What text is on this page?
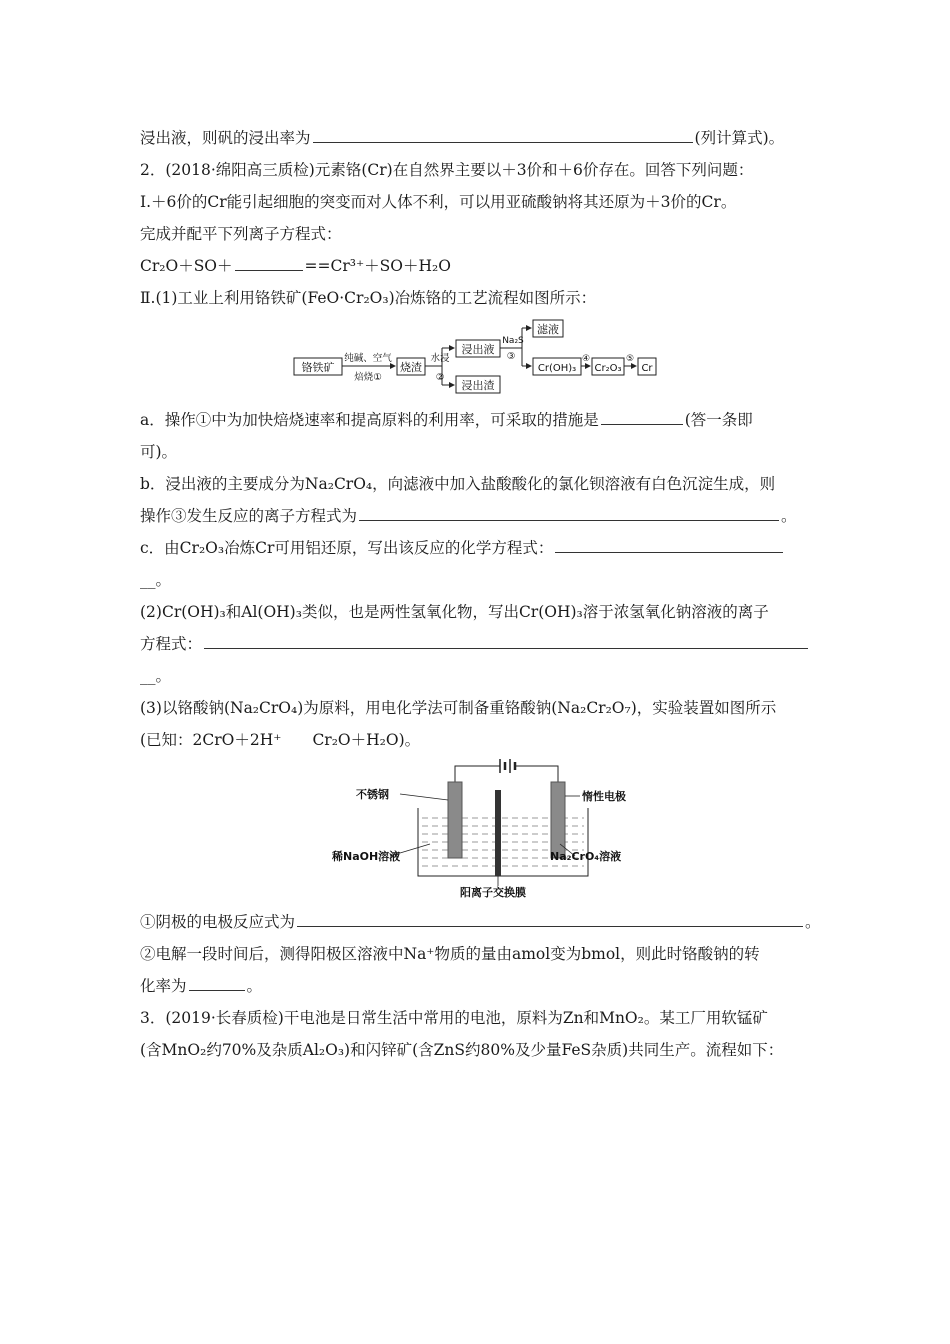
浸出液，则矾的浸出率为	(列计算式)。
2．(2018·绵阳高三质检)元素铬(Cr)在自然界主要以＋3价和＋6价存在。回答下列问题：
Ⅰ.＋6价的Cr能引起细胞的突变而对人体不利，可以用亚硫酸钠将其还原为＋3价的Cr。
完成并配平下列离子方程式：
Cr₂O＋SO＋	==Cr³⁺＋SO＋H₂O
Ⅱ.(1)工业上利用铬铁矿(FeO·Cr₂O₃)冶炼铬的工艺流程如图所示：
铬铁矿
纯碱、空气
焙烧①
烧渣
水浸
②
浸出液
浸出渣
Na₂S
③
滤液
Cr(OH)₃
④
Cr₂O₃
⑤
Cr
a．操作①中为加快焙烧速率和提高原料的利用率，可采取的措施是	(答一条即
可)。
b．浸出液的主要成分为Na₂CrO₄，向滤液中加入盐酸酸化的氯化钡溶液有白色沉淀生成，则
操作③发生反应的离子方程式为	。
c．由Cr₂O₃冶炼Cr可用铝还原，写出该反应的化学方程式：
__。
(2)Cr(OH)₃和Al(OH)₃类似，也是两性氢氧化物，写出Cr(OH)₃溶于浓氢氧化钠溶液的离子
方程式：
__。
(3)以铬酸钠(Na₂CrO₄)为原料，用电化学法可制备重铬酸钠(Na₂Cr₂O₇)，实验装置如图所示
(已知：2CrO＋2H⁺　　Cr₂O＋H₂O)。
不锈钢	惰性电极
稀NaOH溶液	Na₂CrO₄溶液
阳离子交换膜
①阴极的电极反应式为	。
②电解一段时间后，测得阳极区溶液中Na⁺物质的量由amol变为bmol，则此时铬酸钠的转
化率为	。
3．(2019·长春质检)干电池是日常生活中常用的电池，原料为Zn和MnO₂。某工厂用软锰矿
(含MnO₂约70%及杂质Al₂O₃)和闪锌矿(含ZnS约80%及少量FeS杂质)共同生产。流程如下：
